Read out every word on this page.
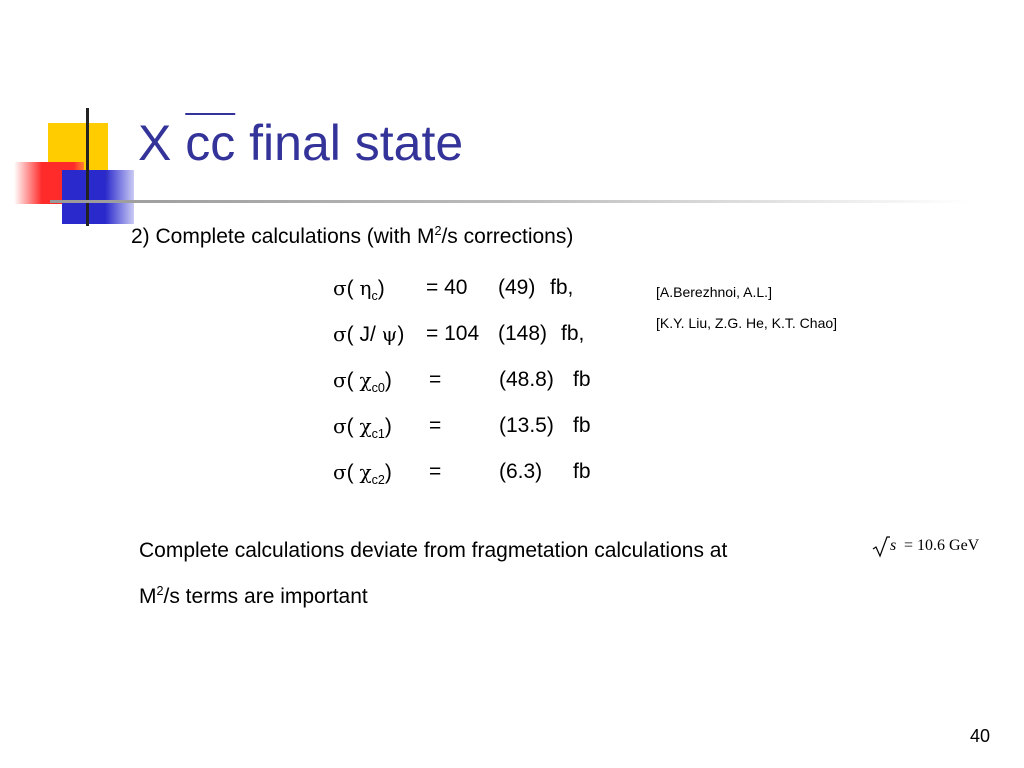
X $\overline{cc}$ final state
2) Complete calculations (with $M^2/s$ corrections)
σ( $\eta_c) = 40$ (49) fb,
σ( J/ ψ) = 104 (148) fb,
σ( $\chi_{c0}$) =	(48.8) fb
σ( $\chi_{c1}$) =	(13.5) fb
σ( $\chi_{c2}$) =	(6.3) fb
[A.Berezhnoi, A.L.]
[K.Y. Liu, Z.G. He, K.T. Chao]
Complete calculations deviate from fragmetation calculations at	s = 10.6 GeV
$M^2/s$ terms are important
40
